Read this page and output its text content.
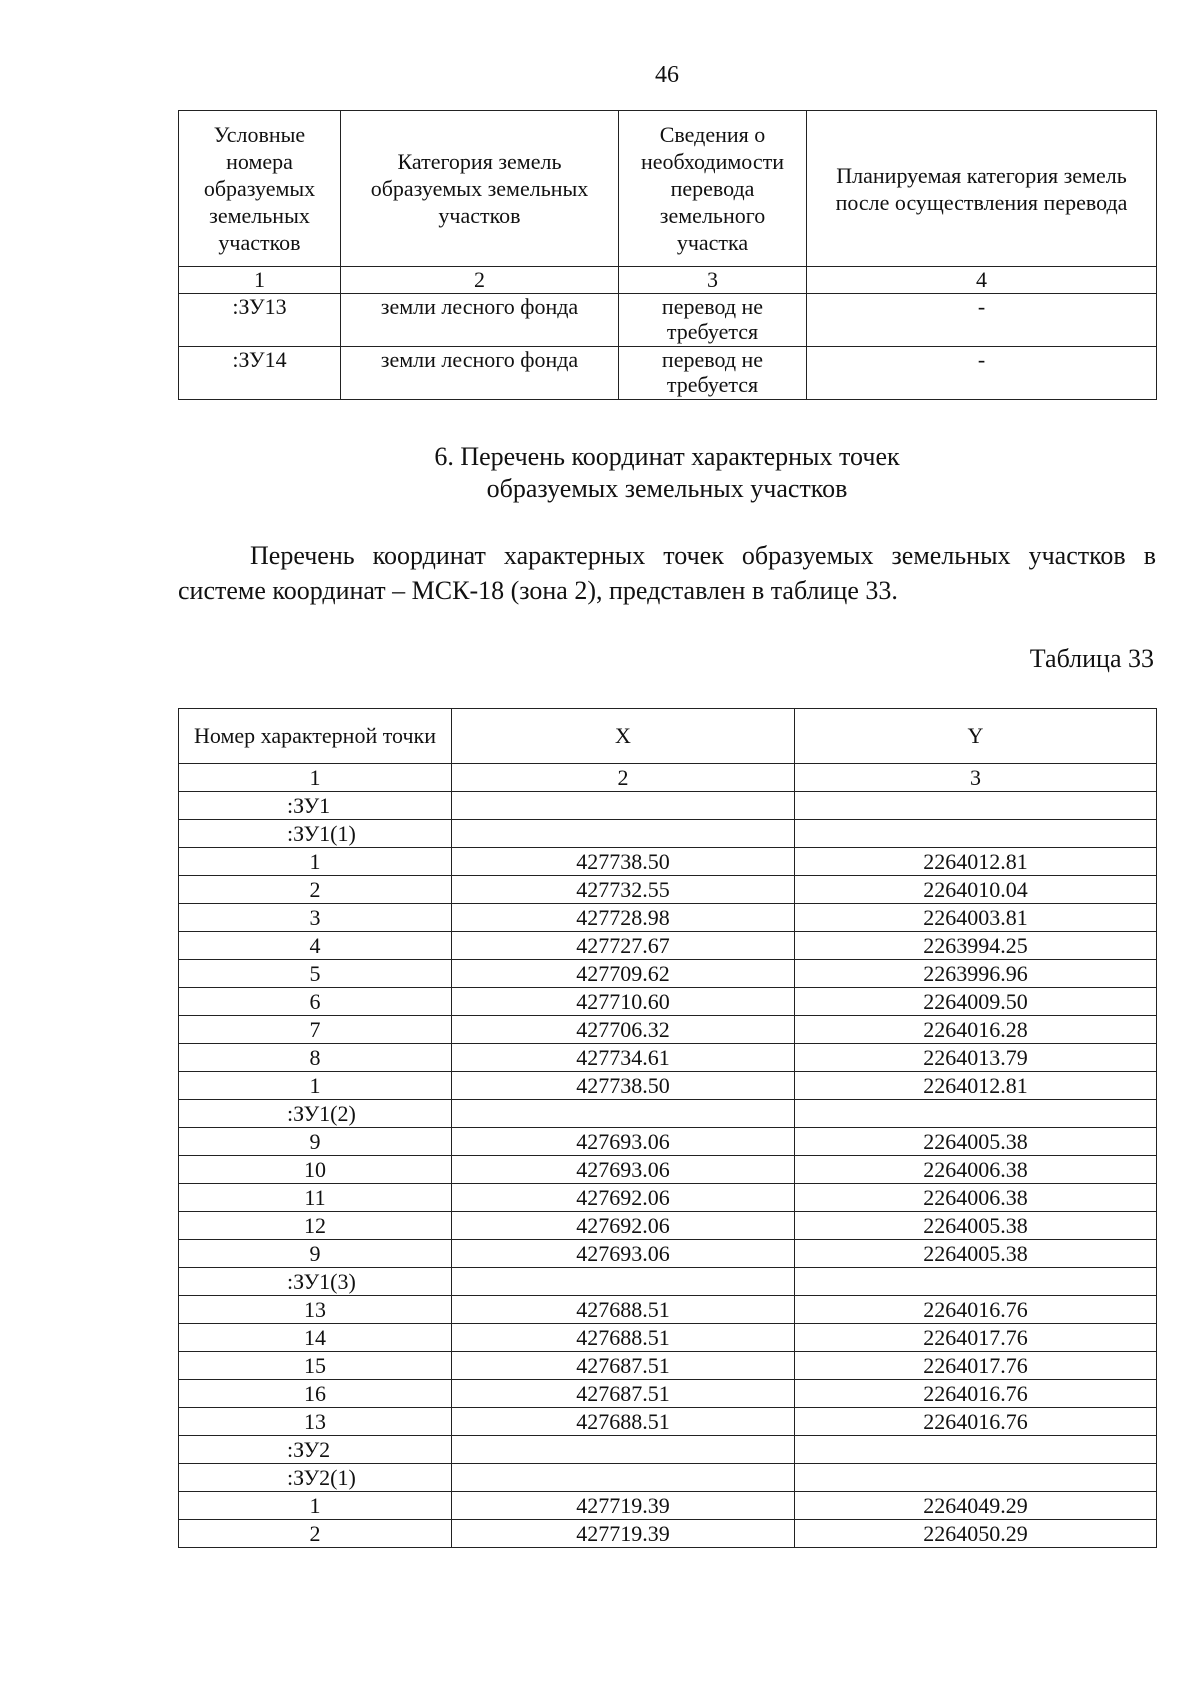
46
Условные номера образуемых земельных участков	Категория земель образуемых земельных участков	Сведения о необходимости перевода земельного участка	Планируемая категория земель после осуществления перевода
1	2	3	4
:ЗУ13	земли лесного фонда	перевод не требуется	-
:ЗУ14	земли лесного фонда	перевод не требуется	-
6. Перечень координат характерных точек
образуемых земельных участков
Перечень координат характерных точек образуемых земельных участков в системе координат – МСК-18 (зона 2), представлен в таблице 33.
Таблица 33
Номер характерной точки	X	Y
1	2	3
:ЗУ1		
:ЗУ1(1)		
1	427738.50	2264012.81
2	427732.55	2264010.04
3	427728.98	2264003.81
4	427727.67	2263994.25
5	427709.62	2263996.96
6	427710.60	2264009.50
7	427706.32	2264016.28
8	427734.61	2264013.79
1	427738.50	2264012.81
:ЗУ1(2)		
9	427693.06	2264005.38
10	427693.06	2264006.38
11	427692.06	2264006.38
12	427692.06	2264005.38
9	427693.06	2264005.38
:ЗУ1(3)		
13	427688.51	2264016.76
14	427688.51	2264017.76
15	427687.51	2264017.76
16	427687.51	2264016.76
13	427688.51	2264016.76
:ЗУ2		
:ЗУ2(1)		
1	427719.39	2264049.29
2	427719.39	2264050.29
